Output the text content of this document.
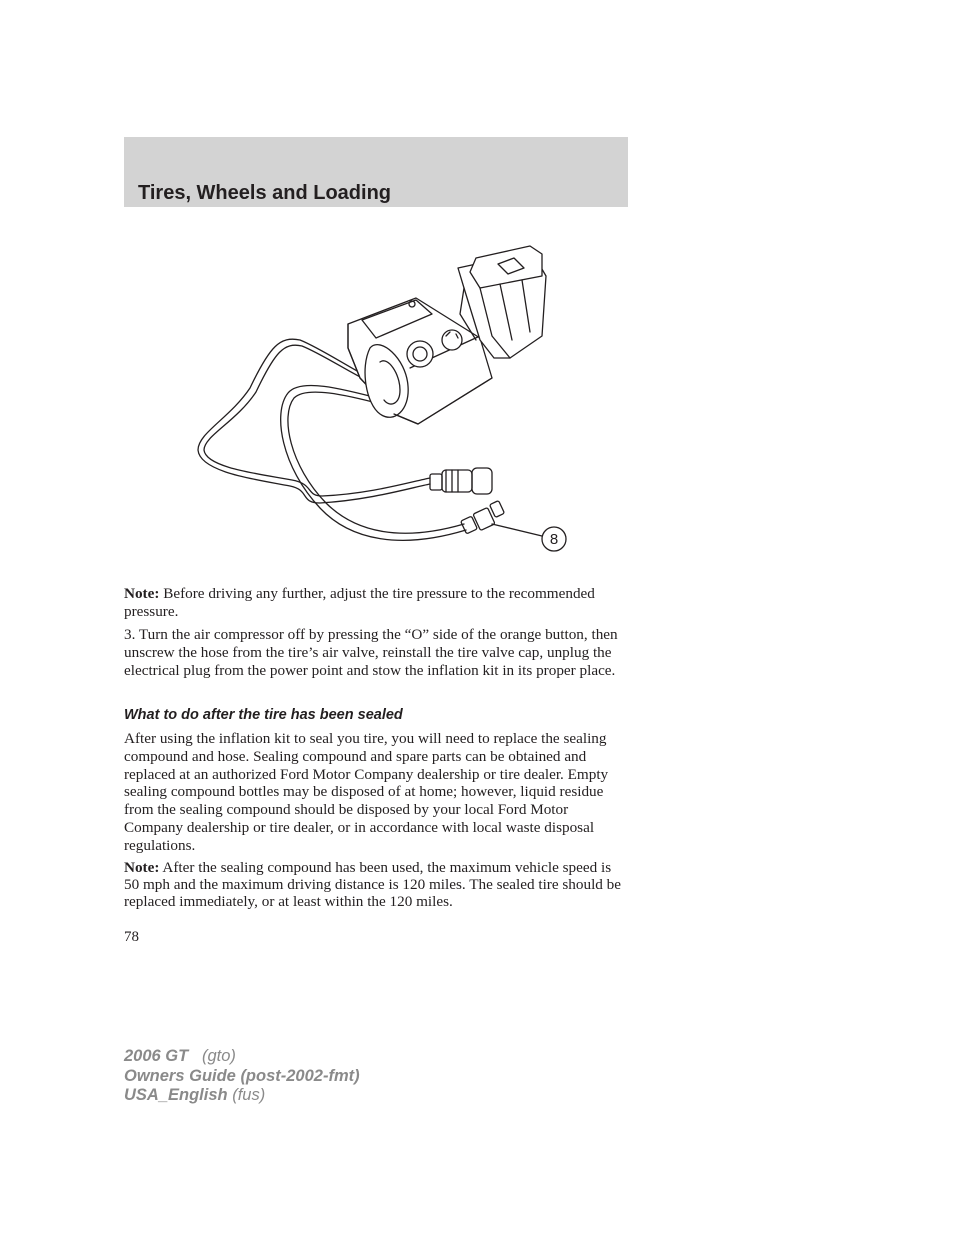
Tires, Wheels and Loading
8

Note: Before driving any further, adjust the tire pressure to the recommended pressure.

3. Turn the air compressor off by pressing the “O” side of the orange button, then unscrew the hose from the tire’s air valve, reinstall the tire valve cap, unplug the electrical plug from the power point and stow the inflation kit in its proper place.

What to do after the tire has been sealed

After using the inflation kit to seal you tire, you will need to replace the sealing compound and hose. Sealing compound and spare parts can be obtained and replaced at an authorized Ford Motor Company dealership or tire dealer. Empty sealing compound bottles may be disposed of at home; however, liquid residue from the sealing compound should be disposed by your local Ford Motor Company dealership or tire dealer, or in accordance with local waste disposal regulations.

Note: After the sealing compound has been used, the maximum vehicle speed is 50 mph and the maximum driving distance is 120 miles. The sealed tire should be replaced immediately, or at least within the 120 miles.

78
2006 GT (gto)
Owners Guide (post-2002-fmt)
USA_English (fus)
